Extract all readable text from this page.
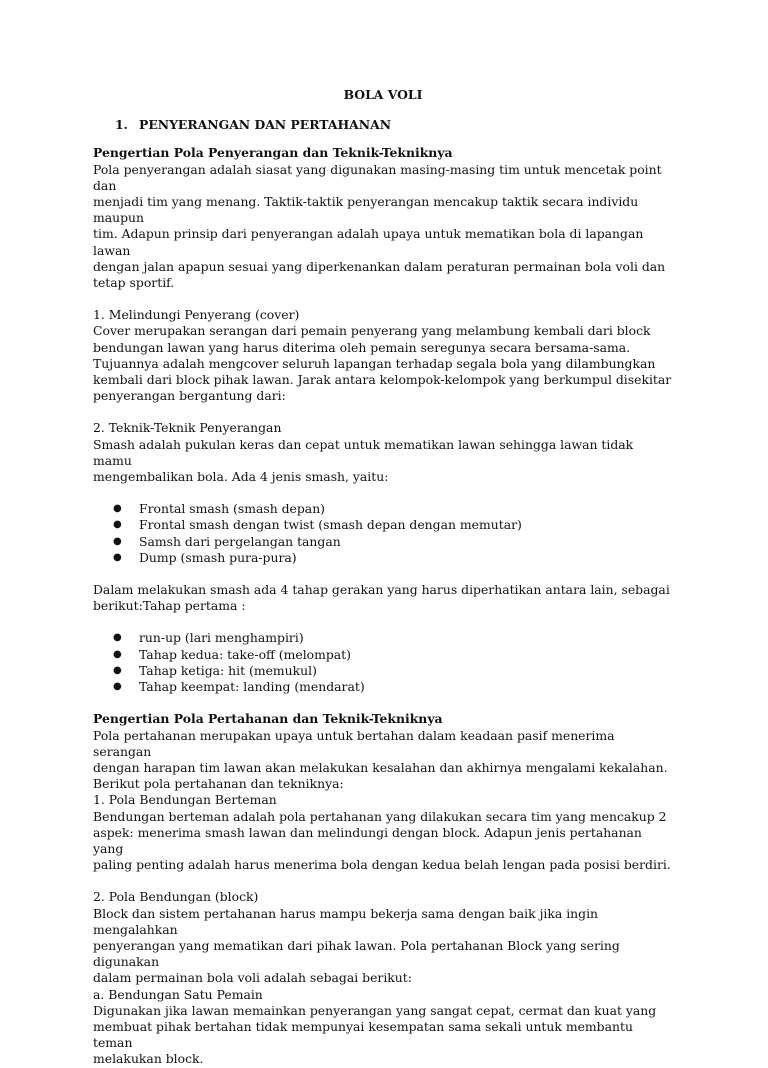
BOLA VOLI
1. PENYERANGAN DAN PERTAHANAN
Pengertian Pola Penyerangan dan Teknik-Tekniknya

Pola penyerangan adalah siasat yang digunakan masing-masing tim untuk mencetak point dan

menjadi tim yang menang. Taktik-taktik penyerangan mencakup taktik secara individu maupun

tim. Adapun prinsip dari penyerangan adalah upaya untuk mematikan bola di lapangan lawan

dengan jalan apapun sesuai yang diperkenankan dalam peraturan permainan bola voli dan

tetap sportif.

1. Melindungi Penyerang (cover)

Cover merupakan serangan dari pemain penyerang yang melambung kembali dari block

bendungan lawan yang harus diterima oleh pemain seregunya secara bersama-sama.

Tujuannya adalah mengcover seluruh lapangan terhadap segala bola yang dilambungkan

kembali dari block pihak lawan. Jarak antara kelompok-kelompok yang berkumpul disekitar

penyerangan bergantung dari:

2. Teknik-Teknik Penyerangan

Smash adalah pukulan keras dan cepat untuk mematikan lawan sehingga lawan tidak mamu

mengembalikan bola. Ada 4 jenis smash, yaitu:

● Frontal smash (smash depan)
● Frontal smash dengan twist (smash depan dengan memutar)
● Samsh dari pergelangan tangan
● Dump (smash pura-pura)

Dalam melakukan smash ada 4 tahap gerakan yang harus diperhatikan antara lain, sebagai

berikut:Tahap pertama :

● run-up (lari menghampiri)
● Tahap kedua: take-off (melompat)
● Tahap ketiga: hit (memukul)
● Tahap keempat: landing (mendarat)
Pengertian Pola Pertahanan dan Teknik-Tekniknya

Pola pertahanan merupakan upaya untuk bertahan dalam keadaan pasif menerima serangan

dengan harapan tim lawan akan melakukan kesalahan dan akhirnya mengalami kekalahan.

Berikut pola pertahanan dan tekniknya:

1. Pola Bendungan Berteman

Bendungan berteman adalah pola pertahanan yang dilakukan secara tim yang mencakup 2

aspek: menerima smash lawan dan melindungi dengan block. Adapun jenis pertahanan yang

paling penting adalah harus menerima bola dengan kedua belah lengan pada posisi berdiri.

2. Pola Bendungan (block)

Block dan sistem pertahanan harus mampu bekerja sama dengan baik jika ingin mengalahkan

penyerangan yang mematikan dari pihak lawan. Pola pertahanan Block yang sering digunakan

dalam permainan bola voli adalah sebagai berikut:

a. Bendungan Satu Pemain

Digunakan jika lawan memainkan penyerangan yang sangat cepat, cermat dan kuat yang

membuat pihak bertahan tidak mempunyai kesempatan sama sekali untuk membantu teman

melakukan block.
